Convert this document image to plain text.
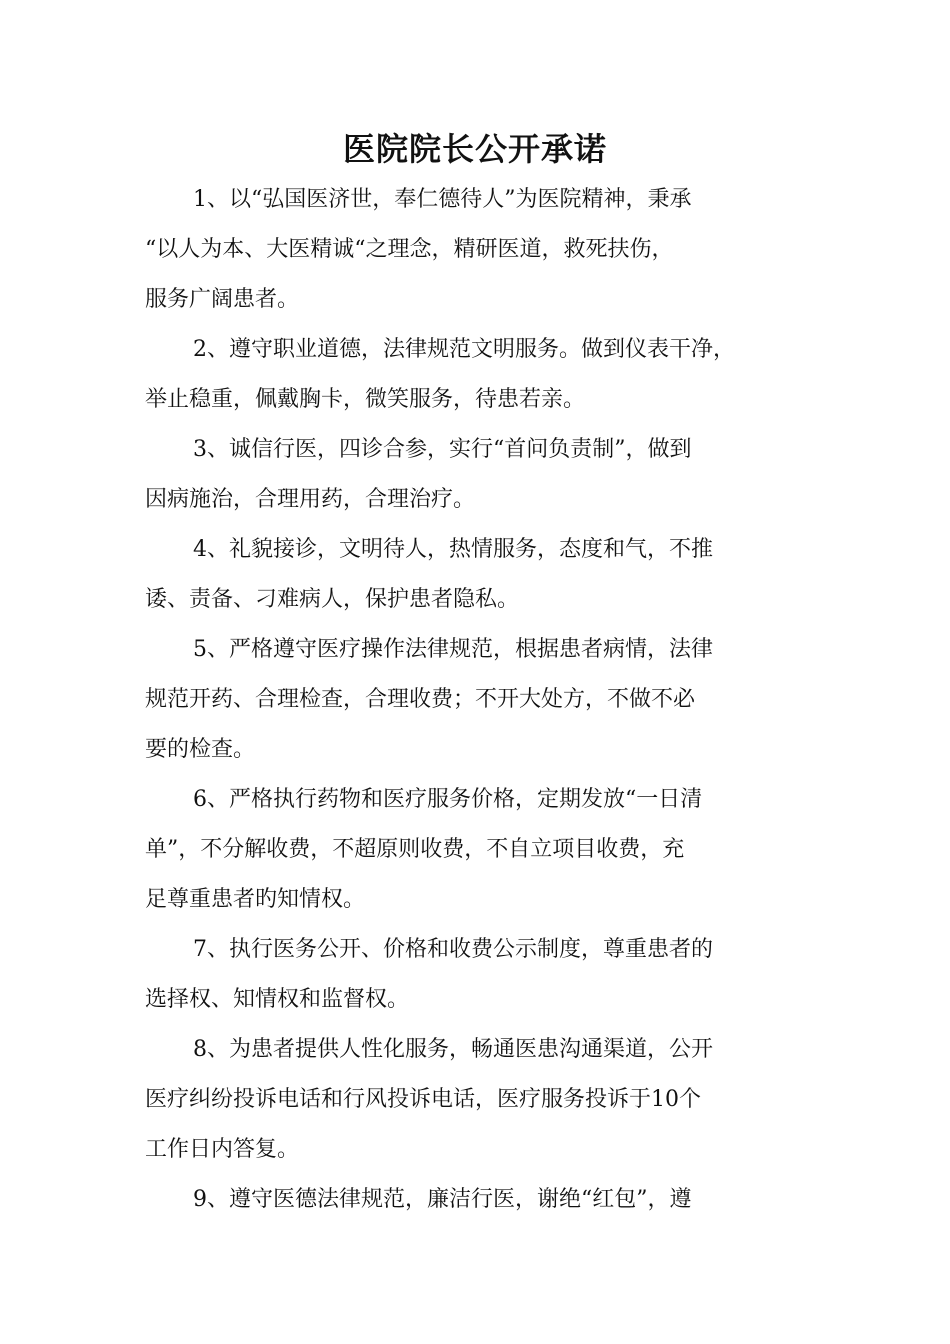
医院院长公开承诺
1、以“弘国医济世，奉仁德待人”为医院精神，秉承
“以人为本、大医精诚“之理念，精研医道，救死扶伤，
服务广阔患者。
2、遵守职业道德，法律规范文明服务。做到仪表干净，
举止稳重，佩戴胸卡，微笑服务，待患若亲。
3、诚信行医，四诊合参，实行“首问负责制”，做到
因病施治，合理用药，合理治疗。
4、礼貌接诊，文明待人，热情服务，态度和气，不推
诿、责备、刁难病人，保护患者隐私。
5、严格遵守医疗操作法律规范，根据患者病情，法律
规范开药、合理检查，合理收费；不开大处方，不做不必
要的检查。
6、严格执行药物和医疗服务价格，定期发放“一日清
单”，不分解收费，不超原则收费，不自立项目收费，充
足尊重患者旳知情权。
7、执行医务公开、价格和收费公示制度，尊重患者的
选择权、知情权和监督权。
8、为患者提供人性化服务，畅通医患沟通渠道，公开
医疗纠纷投诉电话和行风投诉电话，医疗服务投诉于10个
工作日内答复。
9、遵守医德法律规范，廉洁行医，谢绝“红包”，遵
